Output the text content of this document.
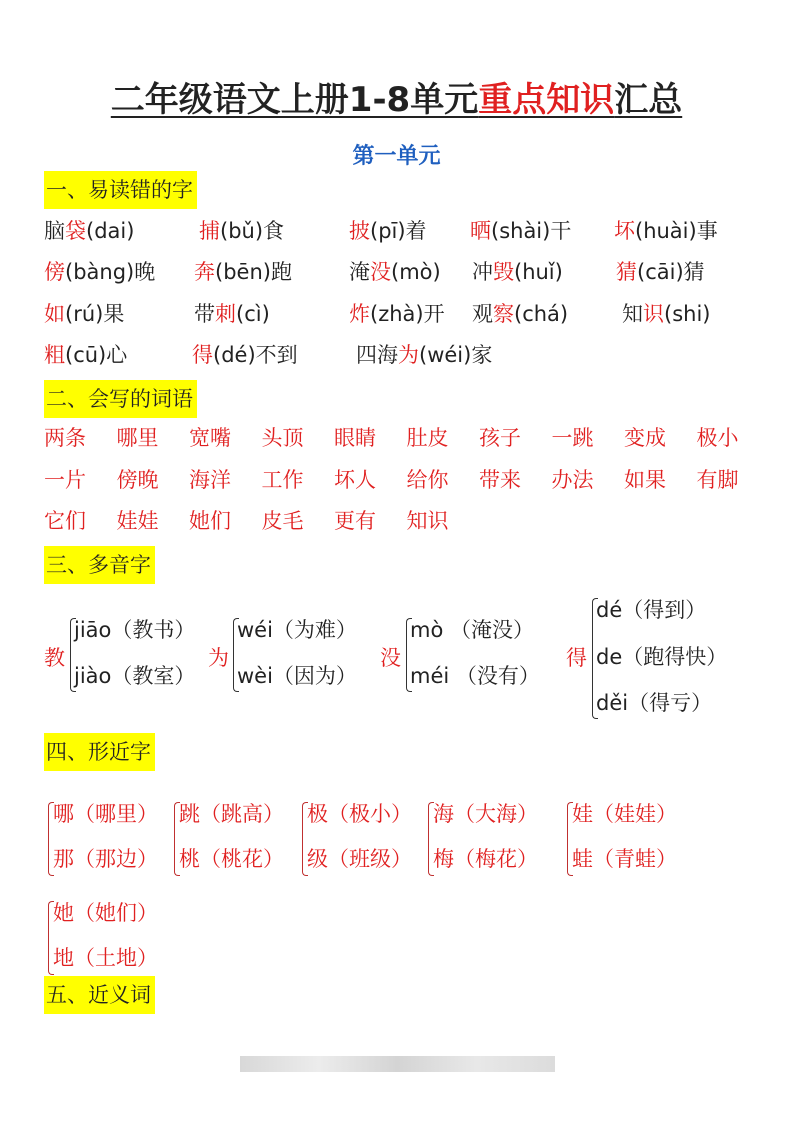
二年级语文上册1-8单元重点知识汇总
第一单元
一、易读错的字
脑袋(dai)	捕(bǔ)食	披(pī)着 晒(shài)干 坏(huài)事
傍(bàng)晚 奔(bēn)跑	淹没(mò) 冲毁(huǐ)	猜(cāi)猜
如(rú)果	带刺(cì)	炸(zhà)开 观察(chá)	知识(shi)
粗(cū)心	得(dé)不到	四海为(wéi)家
二、会写的词语
两条 哪里 宽嘴 头顶 眼睛 肚皮 孩子 一跳 变成 极小
一片 傍晚 海洋 工作 坏人 给你 带来 办法 如果 有脚
它们 娃娃 她们 皮毛 更有 知识
三、多音字
教
jiāo（教书）
jiào（教室）
为
wéi（为难）
wèi（因为）
没
mò （淹没）
méi （没有）
得
dé（得到）
de（跑得快）
děi（得亏）
四、形近字
哪（哪里）
那（那边）
跳（跳高）
桃（桃花）
极（极小）
级（班级）
海（大海）
梅（梅花）
娃（娃娃）
蛙（青蛙）
她（她们）
地（土地）
五、近义词
